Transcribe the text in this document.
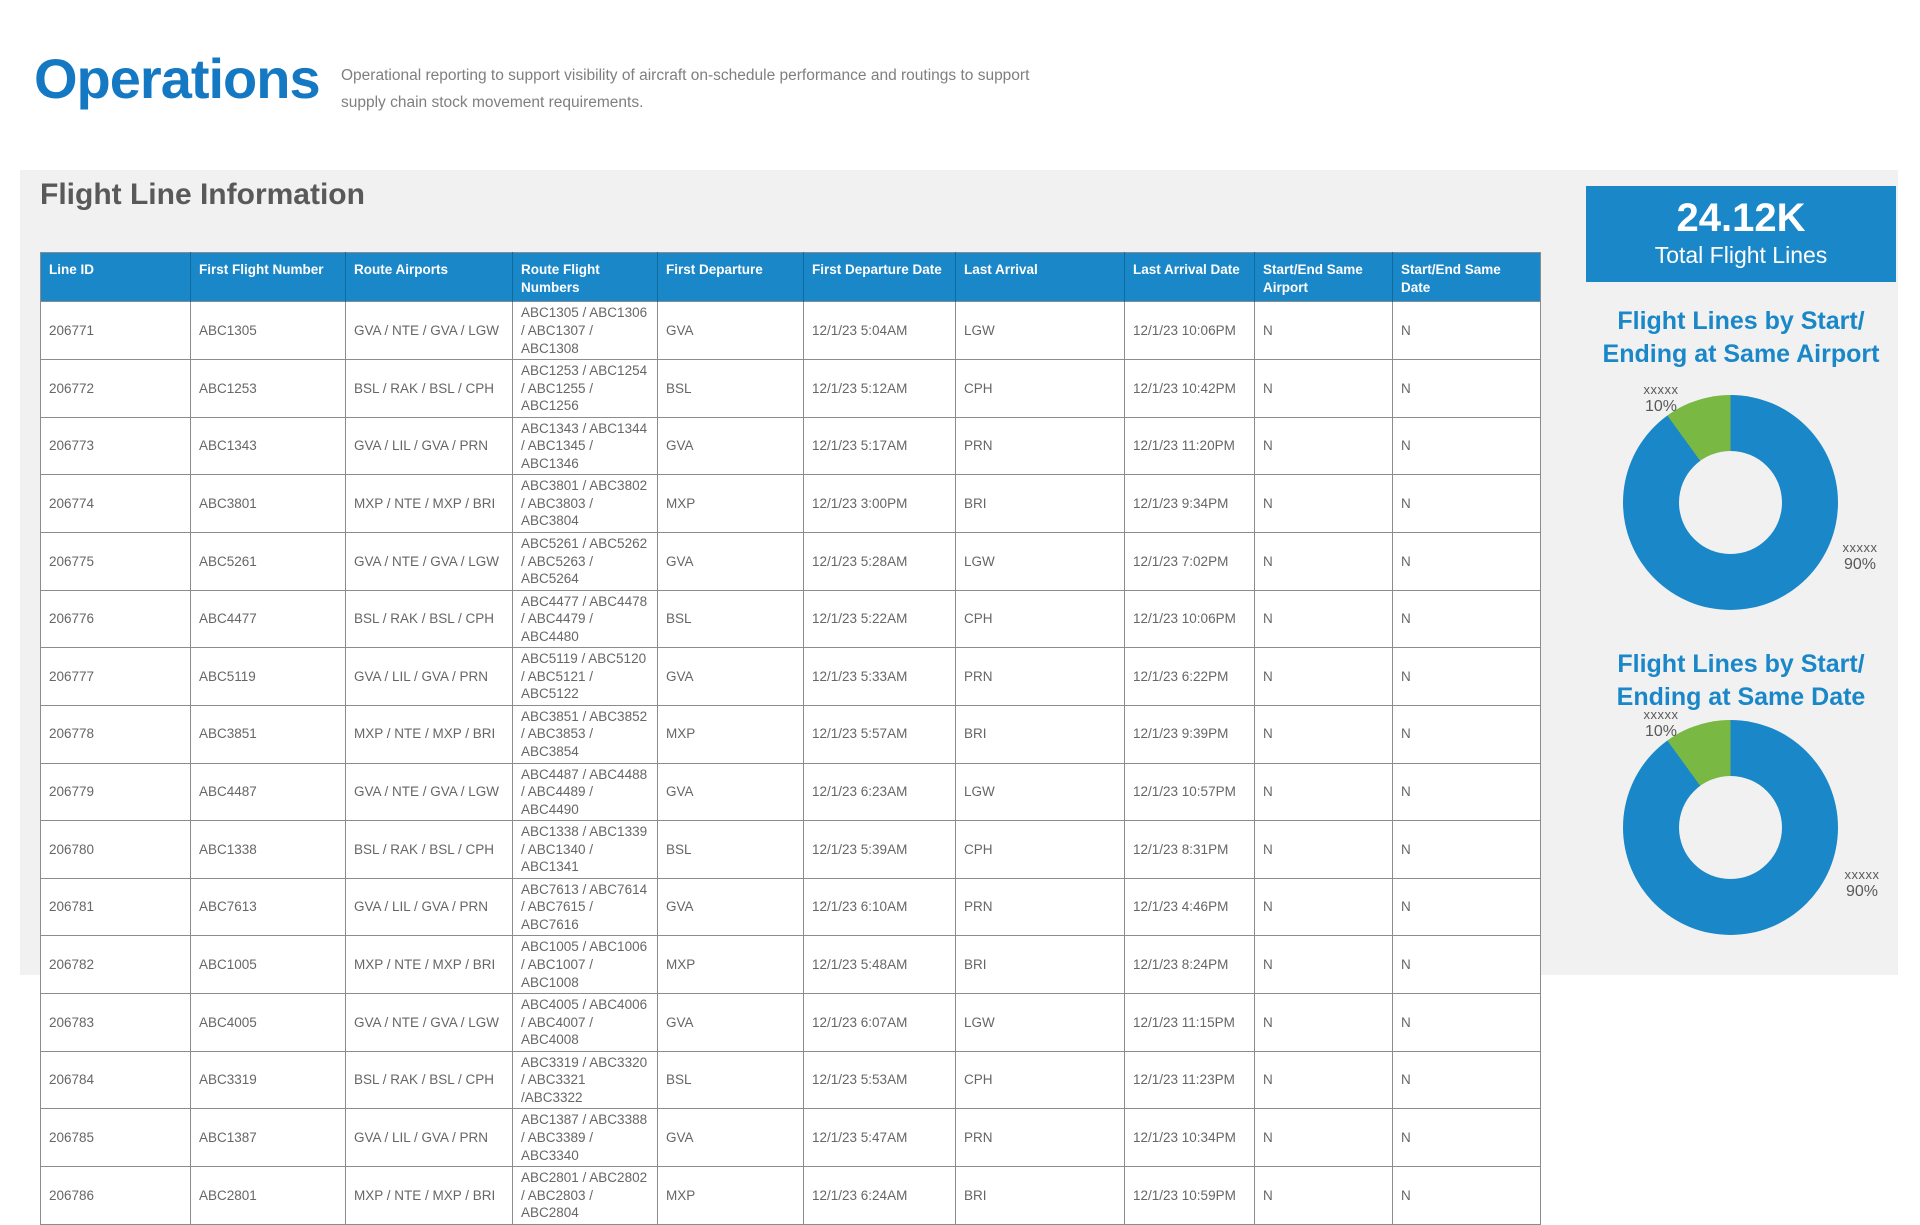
Operations Operational reporting to support visibility of aircraft on-schedule performance and routings to support supply chain stock movement requirements.

Flight Line Information
Line ID	First Flight Number	Route Airports	Route Flight Numbers	First Departure	First Departure Date	Last Arrival	Last Arrival Date	Start/End Same Airport	Start/End Same Date
206771	ABC1305	GVA / NTE / GVA / LGW	ABC1305 / ABC1306 / ABC1307 / ABC1308	GVA	12/1/23 5:04AM	LGW	12/1/23 10:06PM	N	N
206772	ABC1253	BSL / RAK / BSL / CPH	ABC1253 / ABC1254 / ABC1255 / ABC1256	BSL	12/1/23 5:12AM	CPH	12/1/23 10:42PM	N	N
206773	ABC1343	GVA / LIL / GVA / PRN	ABC1343 / ABC1344 / ABC1345 / ABC1346	GVA	12/1/23 5:17AM	PRN	12/1/23 11:20PM	N	N
206774	ABC3801	MXP / NTE / MXP / BRI	ABC3801 / ABC3802 / ABC3803 / ABC3804	MXP	12/1/23 3:00PM	BRI	12/1/23 9:34PM	N	N
206775	ABC5261	GVA / NTE / GVA / LGW	ABC5261 / ABC5262 / ABC5263 / ABC5264	GVA	12/1/23 5:28AM	LGW	12/1/23 7:02PM	N	N
206776	ABC4477	BSL / RAK / BSL / CPH	ABC4477 / ABC4478 / ABC4479 / ABC4480	BSL	12/1/23 5:22AM	CPH	12/1/23 10:06PM	N	N
206777	ABC5119	GVA / LIL / GVA / PRN	ABC5119 / ABC5120 / ABC5121 / ABC5122	GVA	12/1/23 5:33AM	PRN	12/1/23 6:22PM	N	N
206778	ABC3851	MXP / NTE / MXP / BRI	ABC3851 / ABC3852 / ABC3853 / ABC3854	MXP	12/1/23 5:57AM	BRI	12/1/23 9:39PM	N	N
206779	ABC4487	GVA / NTE / GVA / LGW	ABC4487 / ABC4488 / ABC4489 / ABC4490	GVA	12/1/23 6:23AM	LGW	12/1/23 10:57PM	N	N
206780	ABC1338	BSL / RAK / BSL / CPH	ABC1338 / ABC1339 / ABC1340 / ABC1341	BSL	12/1/23 5:39AM	CPH	12/1/23 8:31PM	N	N
206781	ABC7613	GVA / LIL / GVA / PRN	ABC7613 / ABC7614 / ABC7615 / ABC7616	GVA	12/1/23 6:10AM	PRN	12/1/23 4:46PM	N	N
206782	ABC1005	MXP / NTE / MXP / BRI	ABC1005 / ABC1006 / ABC1007 / ABC1008	MXP	12/1/23 5:48AM	BRI	12/1/23 8:24PM	N	N
206783	ABC4005	GVA / NTE / GVA / LGW	ABC4005 / ABC4006 / ABC4007 / ABC4008	GVA	12/1/23 6:07AM	LGW	12/1/23 11:15PM	N	N
206784	ABC3319	BSL / RAK / BSL / CPH	ABC3319 / ABC3320 / ABC3321 /ABC3322	BSL	12/1/23 5:53AM	CPH	12/1/23 11:23PM	N	N
206785	ABC1387	GVA / LIL / GVA / PRN	ABC1387 / ABC3388 / ABC3389 / ABC3340	GVA	12/1/23 5:47AM	PRN	12/1/23 10:34PM	N	N
206786	ABC2801	MXP / NTE / MXP / BRI	ABC2801 / ABC2802 / ABC2803 / ABC2804	MXP	12/1/23 6:24AM	BRI	12/1/23 10:59PM	N	N
24.12K
Total Flight Lines
Flight Lines by Start/
Ending at Same Airport
xxxxx
10%
xxxxx
90%
Flight Lines by Start/
Ending at Same Date
xxxxx
10%
xxxxx
90%
